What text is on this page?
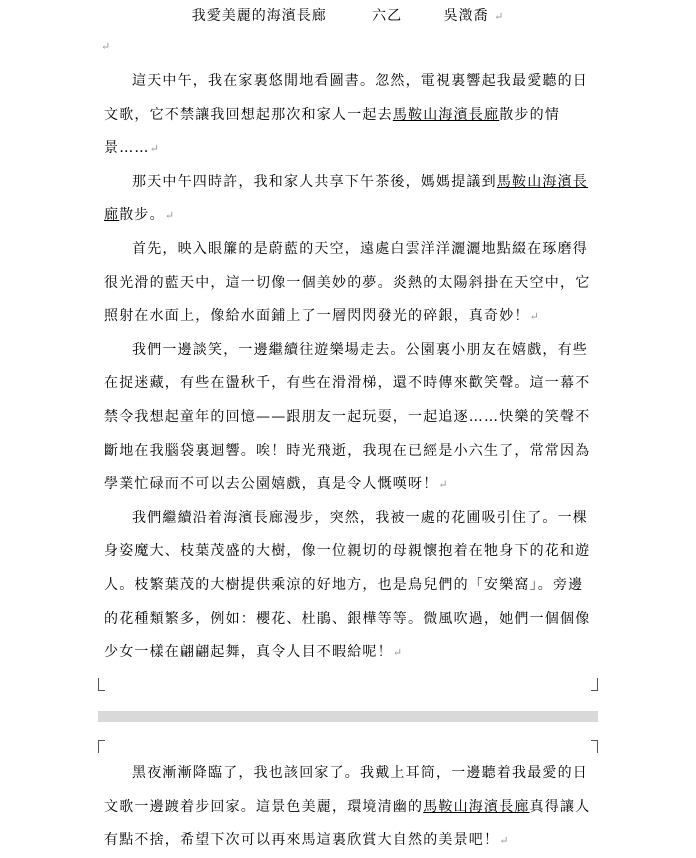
我愛美麗的海濱長廊	六乙	吳澂喬 ↵
↵

這天中午，我在家裏悠閒地看圖書。忽然，電視裏響起我最愛聽的日文歌，它不禁讓我回想起那次和家人一起去馬鞍山海濱長廊散步的情景……↵

那天中午四時許，我和家人共享下午茶後，媽媽提議到馬鞍山海濱長廊散步。↵

首先，映入眼簾的是蔚藍的天空，遠處白雲洋洋灑灑地點綴在琢磨得很光滑的藍天中，這一切像一個美妙的夢。炎熱的太陽斜掛在天空中，它照射在水面上，像給水面鋪上了一層閃閃發光的碎銀，真奇妙！↵

我們一邊談笑，一邊繼續往遊樂場走去。公園裏小朋友在嬉戲，有些在捉迷藏，有些在盪秋千，有些在滑滑梯，還不時傳來歡笑聲。這一幕不禁令我想起童年的回憶——跟朋友一起玩耍，一起追逐……快樂的笑聲不斷地在我腦袋裏迴響。唉！時光飛逝，我現在已經是小六生了，常常因為學業忙碌而不可以去公園嬉戲，真是令人慨嘆呀！↵

我們繼續沿着海濱長廊漫步，突然，我被一處的花圃吸引住了。一棵身姿魔大、枝葉茂盛的大樹，像一位親切的母親懷抱着在牠身下的花和遊人。枝繁葉茂的大樹提供乘涼的好地方，也是鳥兒們的「安樂窩」。旁邊的花種類繁多，例如：櫻花、杜鵑、銀樺等等。微風吹過，她們一個個像少女一樣在翩翩起舞，真令人目不暇給呢！↵

黑夜漸漸降臨了，我也該回家了。我戴上耳筒，一邊聽着我最愛的日文歌一邊踱着步回家。這景色美麗，環境清幽的馬鞍山海濱長廊真得讓人有點不捨，希望下次可以再來馬這裏欣賞大自然的美景吧！↵
